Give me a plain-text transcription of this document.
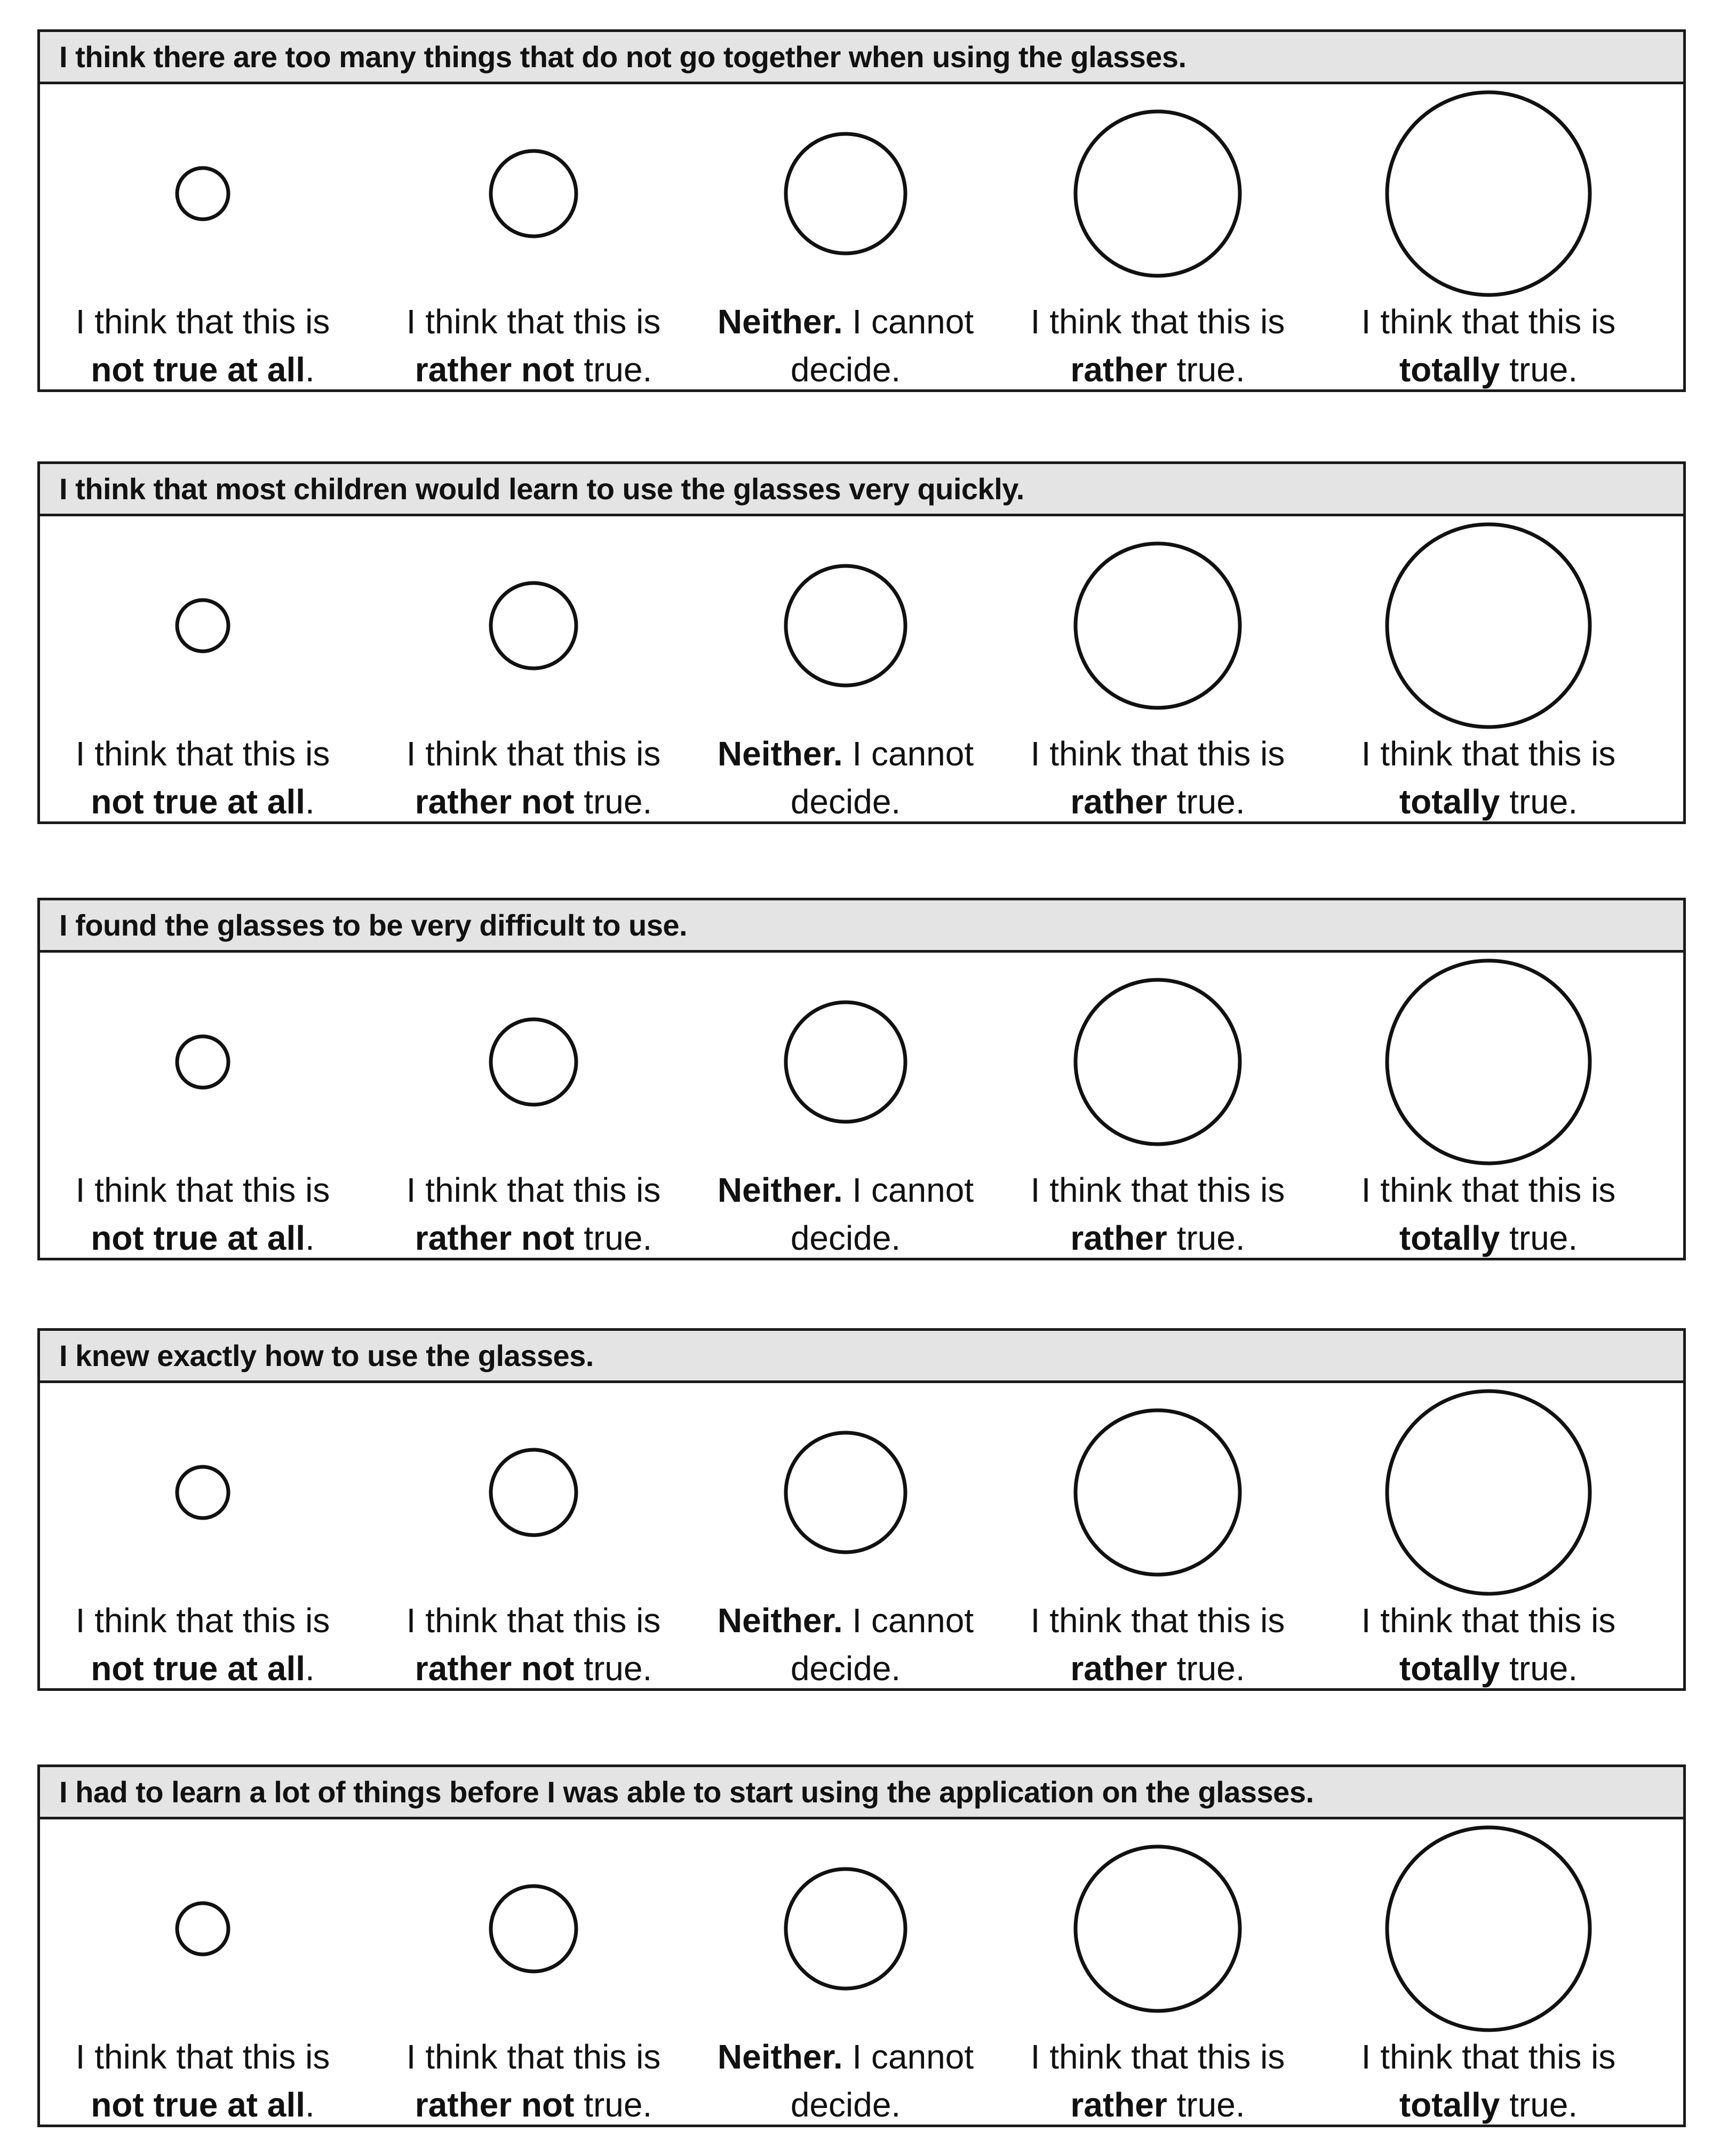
I think there are too many things that do not go together when using the glasses.
I think that this is
not true at all.
I think that this is
rather not true.
Neither. I cannot
decide.
I think that this is
rather true.
I think that this is
totally true.
I think that most children would learn to use the glasses very quickly.
I think that this is
not true at all.
I think that this is
rather not true.
Neither. I cannot
decide.
I think that this is
rather true.
I think that this is
totally true.
I found the glasses to be very difficult to use.
I think that this is
not true at all.
I think that this is
rather not true.
Neither. I cannot
decide.
I think that this is
rather true.
I think that this is
totally true.
I knew exactly how to use the glasses.
I think that this is
not true at all.
I think that this is
rather not true.
Neither. I cannot
decide.
I think that this is
rather true.
I think that this is
totally true.
I had to learn a lot of things before I was able to start using the application on the glasses.
I think that this is
not true at all.
I think that this is
rather not true.
Neither. I cannot
decide.
I think that this is
rather true.
I think that this is
totally true.
